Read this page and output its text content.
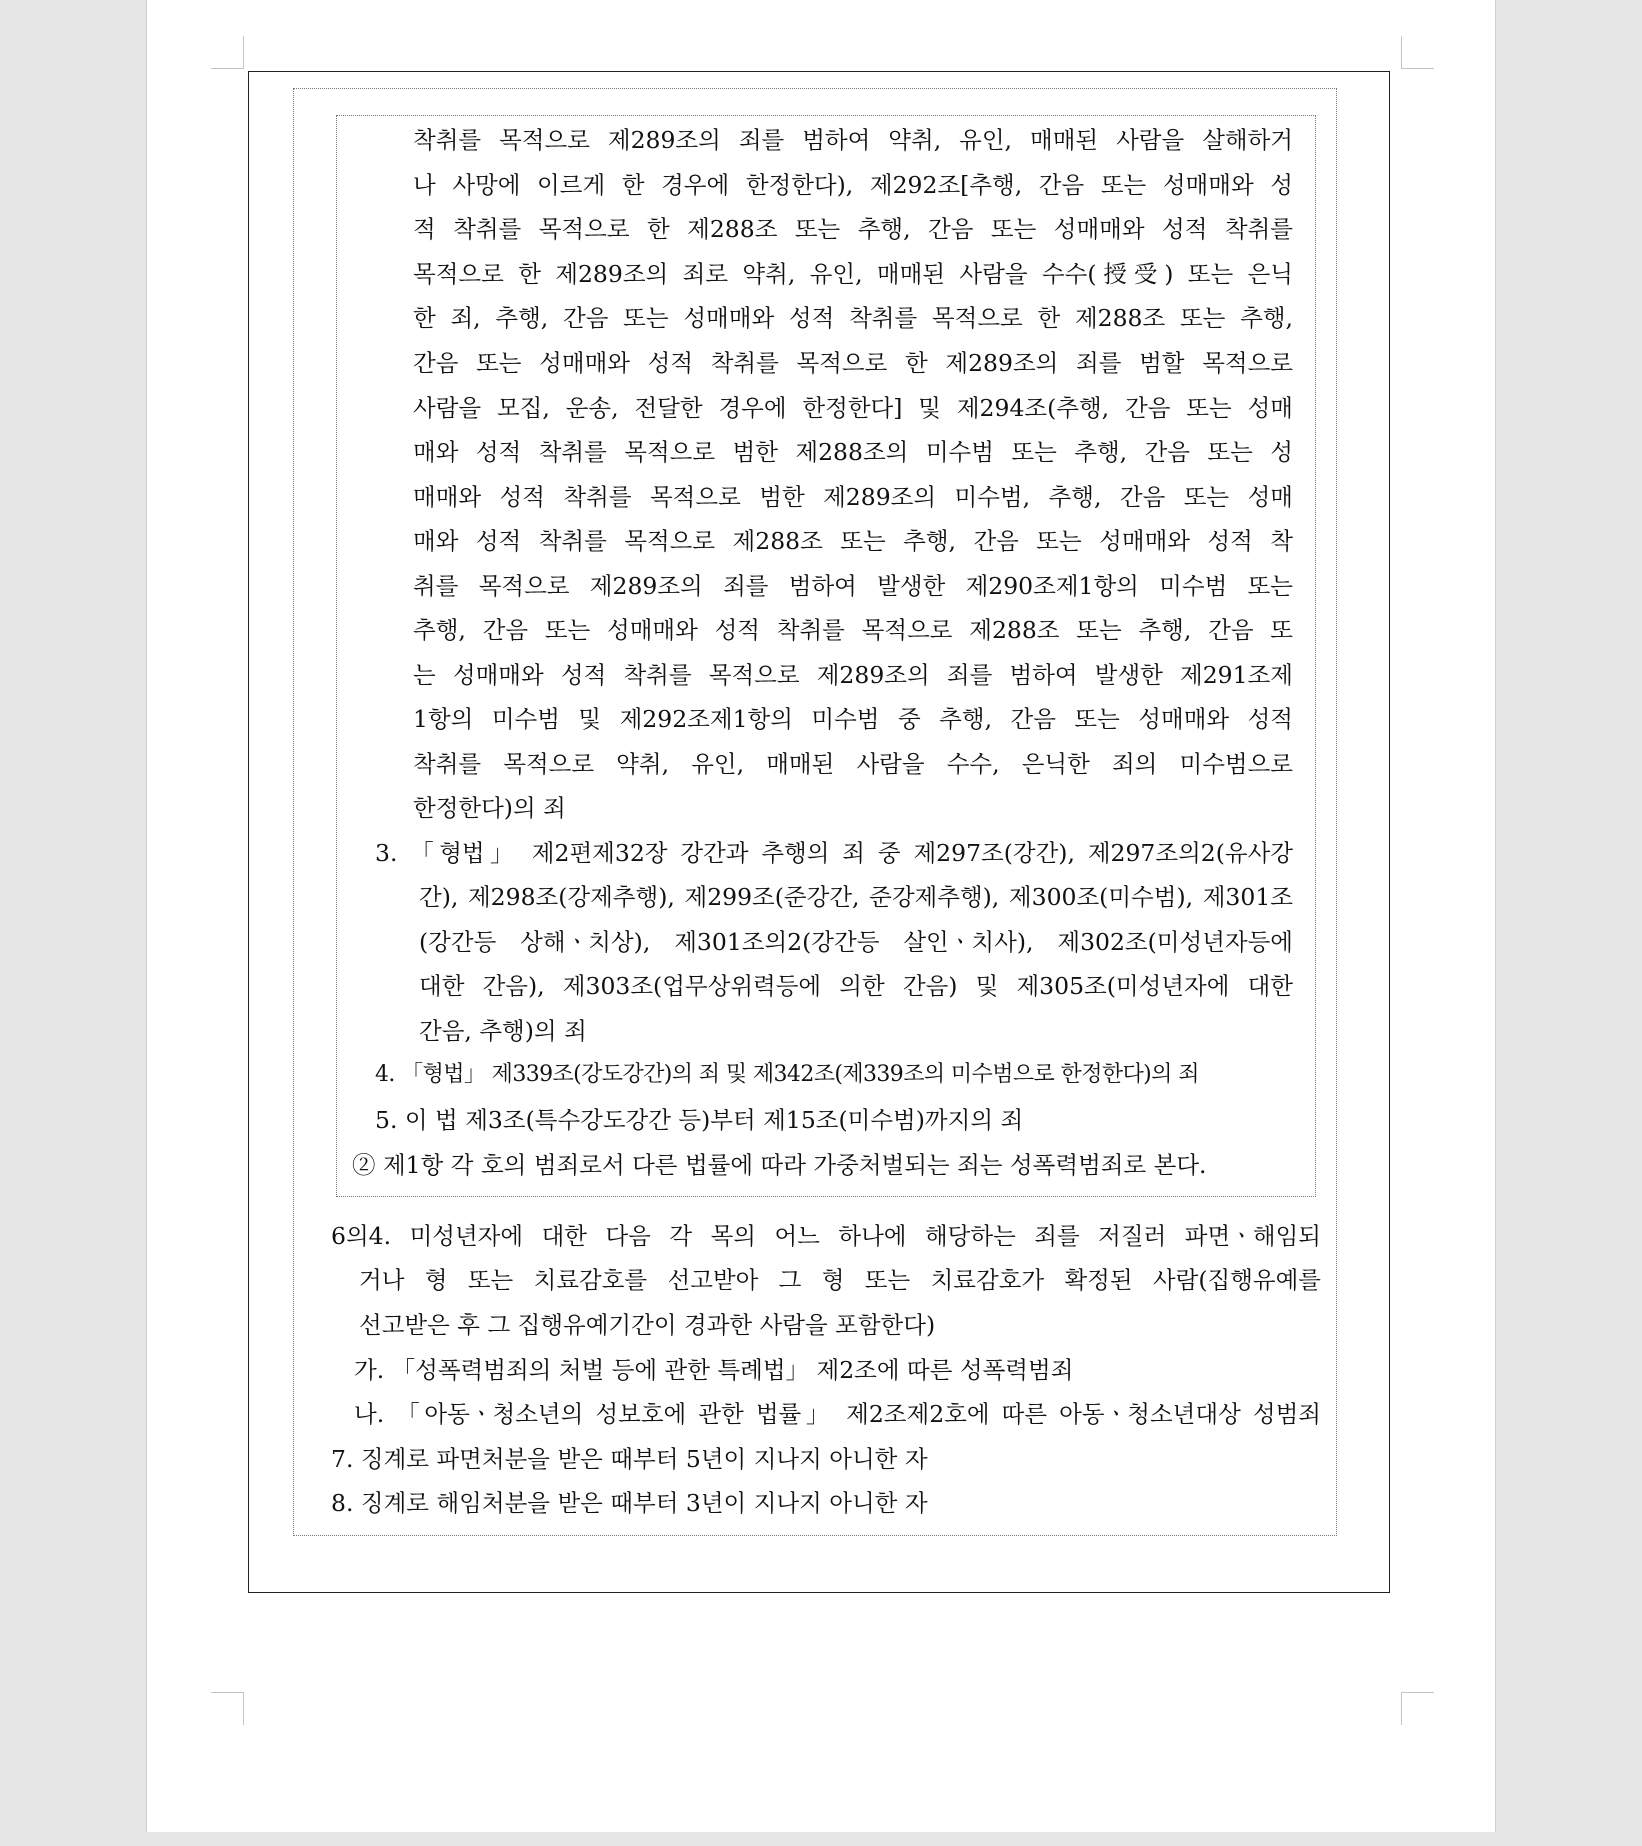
착취를 목적으로 제289조의 죄를 범하여 약취, 유인, 매매된 사람을 살해하거
나 사망에 이르게 한 경우에 한정한다), 제292조[추행, 간음 또는 성매매와 성
적 착취를 목적으로 한 제288조 또는 추행, 간음 또는 성매매와 성적 착취를
목적으로 한 제289조의 죄로 약취, 유인, 매매된 사람을 수수(授受) 또는 은닉
한 죄, 추행, 간음 또는 성매매와 성적 착취를 목적으로 한 제288조 또는 추행,
간음 또는 성매매와 성적 착취를 목적으로 한 제289조의 죄를 범할 목적으로
사람을 모집, 운송, 전달한 경우에 한정한다] 및 제294조(추행, 간음 또는 성매
매와 성적 착취를 목적으로 범한 제288조의 미수범 또는 추행, 간음 또는 성
매매와 성적 착취를 목적으로 범한 제289조의 미수범, 추행, 간음 또는 성매
매와 성적 착취를 목적으로 제288조 또는 추행, 간음 또는 성매매와 성적 착
취를 목적으로 제289조의 죄를 범하여 발생한 제290조제1항의 미수범 또는
추행, 간음 또는 성매매와 성적 착취를 목적으로 제288조 또는 추행, 간음 또
는 성매매와 성적 착취를 목적으로 제289조의 죄를 범하여 발생한 제291조제
1항의 미수범 및 제292조제1항의 미수범 중 추행, 간음 또는 성매매와 성적
착취를 목적으로 약취, 유인, 매매된 사람을 수수, 은닉한 죄의 미수범으로
한정한다)의 죄
3. 「형법」 제2편제32장 강간과 추행의 죄 중 제297조(강간), 제297조의2(유사강
간), 제298조(강제추행), 제299조(준강간, 준강제추행), 제300조(미수범), 제301조
(강간등 상해ㆍ치상), 제301조의2(강간등 살인ㆍ치사), 제302조(미성년자등에
대한 간음), 제303조(업무상위력등에 의한 간음) 및 제305조(미성년자에 대한
간음, 추행)의 죄
4. 「형법」 제339조(강도강간)의 죄 및 제342조(제339조의 미수범으로 한정한다)의 죄
5. 이 법 제3조(특수강도강간 등)부터 제15조(미수범)까지의 죄
② 제1항 각 호의 범죄로서 다른 법률에 따라 가중처벌되는 죄는 성폭력범죄로 본다.
6의4. 미성년자에 대한 다음 각 목의 어느 하나에 해당하는 죄를 저질러 파면ㆍ해임되
거나 형 또는 치료감호를 선고받아 그 형 또는 치료감호가 확정된 사람(집행유예를
선고받은 후 그 집행유예기간이 경과한 사람을 포함한다)
가. 「성폭력범죄의 처벌 등에 관한 특례법」 제2조에 따른 성폭력범죄
나. 「아동ㆍ청소년의 성보호에 관한 법률」 제2조제2호에 따른 아동ㆍ청소년대상 성범죄
7. 징계로 파면처분을 받은 때부터 5년이 지나지 아니한 자
8. 징계로 해임처분을 받은 때부터 3년이 지나지 아니한 자
